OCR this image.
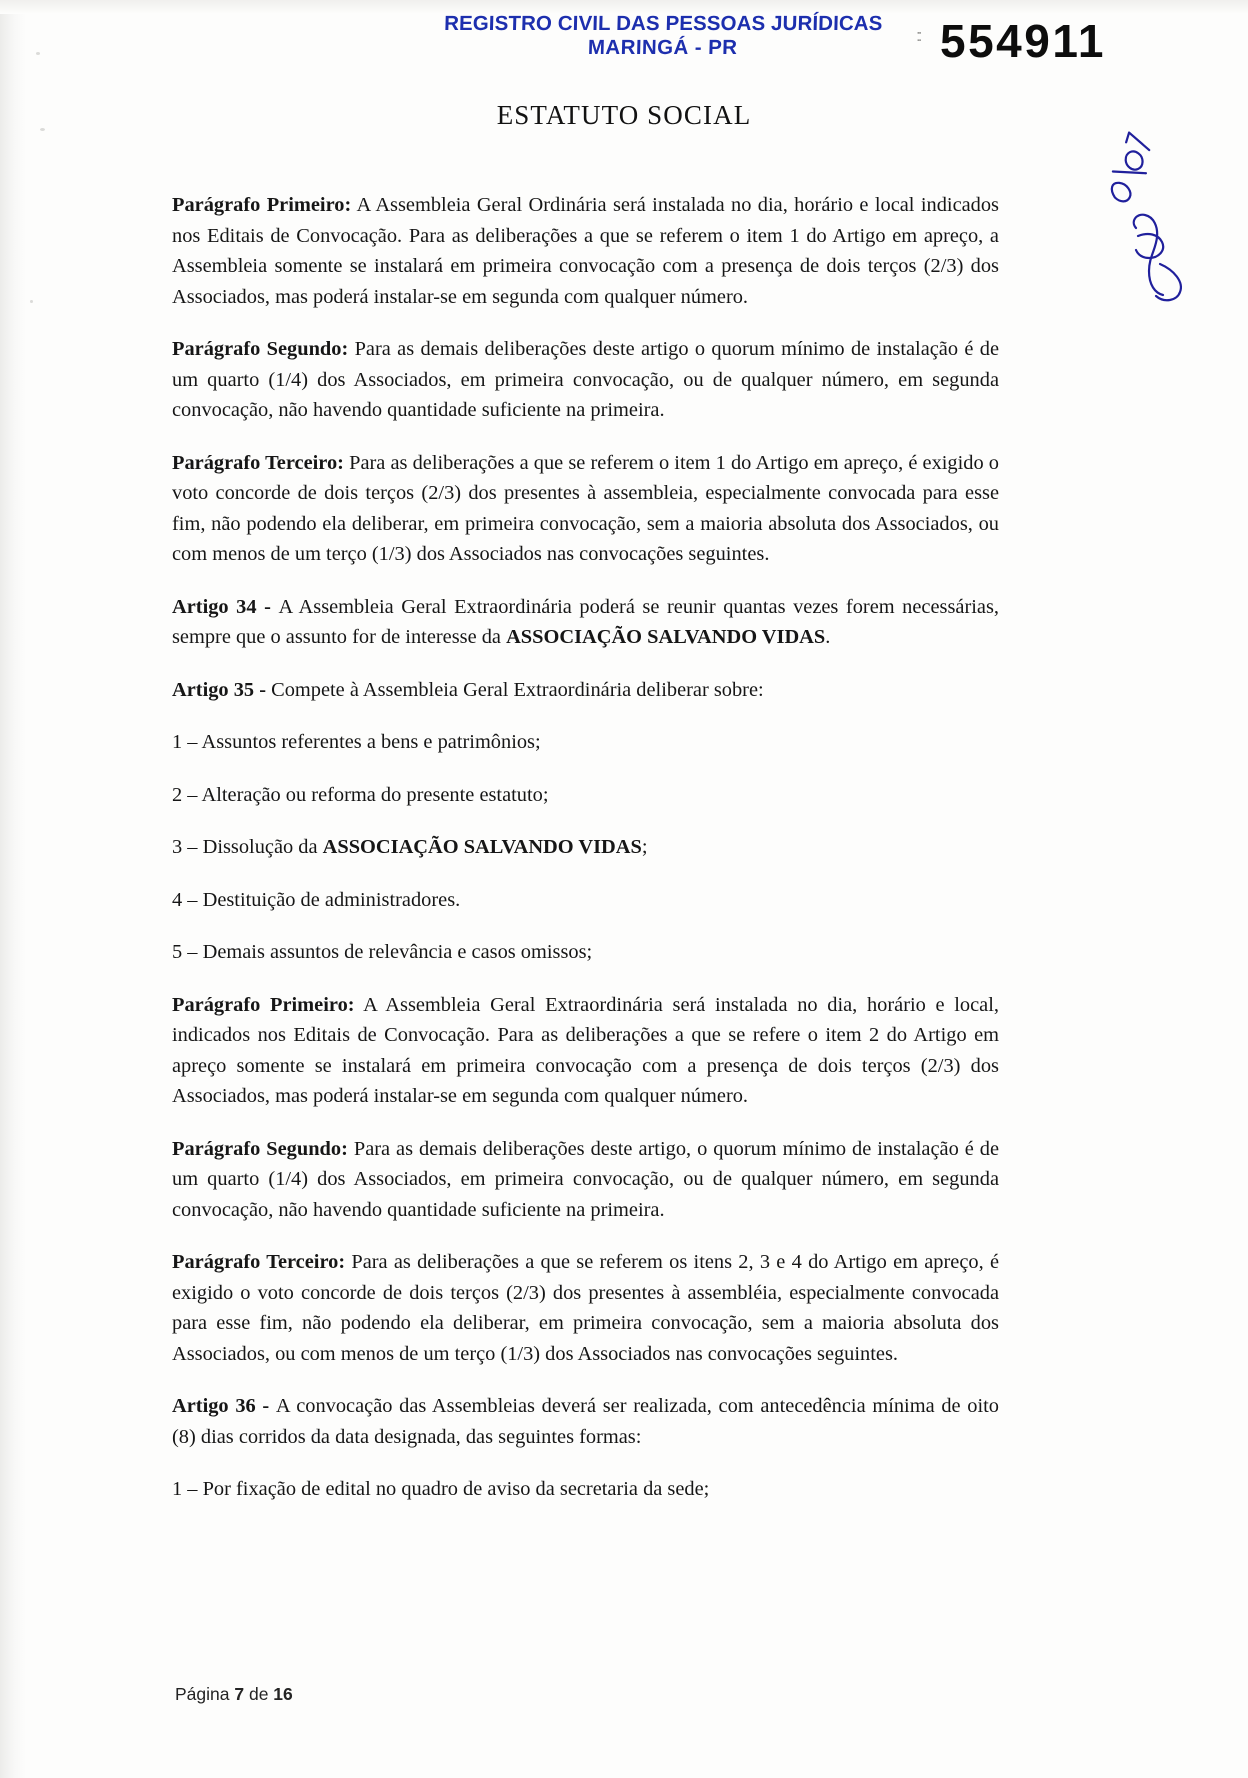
REGISTRO CIVIL DAS PESSOAS JURÍDICAS
MARINGÁ - PR
:: 554911
ESTATUTO SOCIAL

Parágrafo Primeiro: A Assembleia Geral Ordinária será instalada no dia, horário e local indicados nos Editais de Convocação. Para as deliberações a que se referem o item 1 do Artigo em apreço, a Assembleia somente se instalará em primeira convocação com a presença de dois terços (2/3) dos Associados, mas poderá instalar-se em segunda com qualquer número.

Parágrafo Segundo: Para as demais deliberações deste artigo o quorum mínimo de instalação é de um quarto (1/4) dos Associados, em primeira convocação, ou de qualquer número, em segunda convocação, não havendo quantidade suficiente na primeira.

Parágrafo Terceiro: Para as deliberações a que se referem o item 1 do Artigo em apreço, é exigido o voto concorde de dois terços (2/3) dos presentes à assembleia, especialmente convocada para esse fim, não podendo ela deliberar, em primeira convocação, sem a maioria absoluta dos Associados, ou com menos de um terço (1/3) dos Associados nas convocações seguintes.

Artigo 34 - A Assembleia Geral Extraordinária poderá se reunir quantas vezes forem necessárias, sempre que o assunto for de interesse da ASSOCIAÇÃO SALVANDO VIDAS.

Artigo 35 - Compete à Assembleia Geral Extraordinária deliberar sobre:

1 – Assuntos referentes a bens e patrimônios;

2 – Alteração ou reforma do presente estatuto;

3 – Dissolução da ASSOCIAÇÃO SALVANDO VIDAS;

4 – Destituição de administradores.

5 – Demais assuntos de relevância e casos omissos;

Parágrafo Primeiro: A Assembleia Geral Extraordinária será instalada no dia, horário e local, indicados nos Editais de Convocação. Para as deliberações a que se refere o item 2 do Artigo em apreço somente se instalará em primeira convocação com a presença de dois terços (2/3) dos Associados, mas poderá instalar-se em segunda com qualquer número.

Parágrafo Segundo: Para as demais deliberações deste artigo, o quorum mínimo de instalação é de um quarto (1/4) dos Associados, em primeira convocação, ou de qualquer número, em segunda convocação, não havendo quantidade suficiente na primeira.

Parágrafo Terceiro: Para as deliberações a que se referem os itens 2, 3 e 4 do Artigo em apreço, é exigido o voto concorde de dois terços (2/3) dos presentes à assembléia, especialmente convocada para esse fim, não podendo ela deliberar, em primeira convocação, sem a maioria absoluta dos Associados, ou com menos de um terço (1/3) dos Associados nas convocações seguintes.

Artigo 36 - A convocação das Assembleias deverá ser realizada, com antecedência mínima de oito (8) dias corridos da data designada, das seguintes formas:

1 – Por fixação de edital no quadro de aviso da secretaria da sede;

Página 7 de 16
